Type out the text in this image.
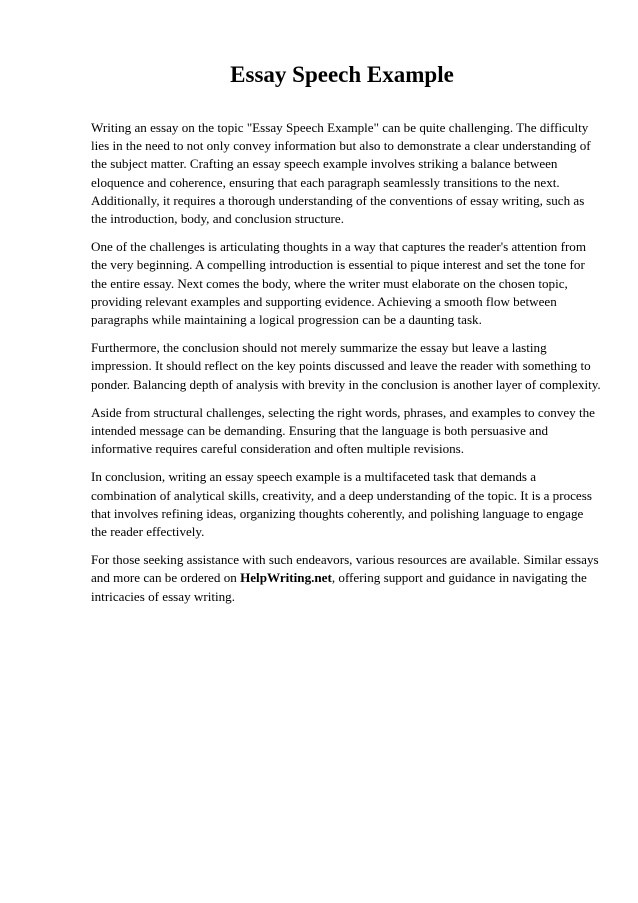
Essay Speech Example

Writing an essay on the topic "Essay Speech Example" can be quite challenging. The difficulty
lies in the need to not only convey information but also to demonstrate a clear understanding of
the subject matter. Crafting an essay speech example involves striking a balance between
eloquence and coherence, ensuring that each paragraph seamlessly transitions to the next.
Additionally, it requires a thorough understanding of the conventions of essay writing, such as
the introduction, body, and conclusion structure.

One of the challenges is articulating thoughts in a way that captures the reader's attention from
the very beginning. A compelling introduction is essential to pique interest and set the tone for
the entire essay. Next comes the body, where the writer must elaborate on the chosen topic,
providing relevant examples and supporting evidence. Achieving a smooth flow between
paragraphs while maintaining a logical progression can be a daunting task.

Furthermore, the conclusion should not merely summarize the essay but leave a lasting
impression. It should reflect on the key points discussed and leave the reader with something to
ponder. Balancing depth of analysis with brevity in the conclusion is another layer of complexity.

Aside from structural challenges, selecting the right words, phrases, and examples to convey the
intended message can be demanding. Ensuring that the language is both persuasive and
informative requires careful consideration and often multiple revisions.

In conclusion, writing an essay speech example is a multifaceted task that demands a
combination of analytical skills, creativity, and a deep understanding of the topic. It is a process
that involves refining ideas, organizing thoughts coherently, and polishing language to engage
the reader effectively.

For those seeking assistance with such endeavors, various resources are available. Similar essays
and more can be ordered on HelpWriting.net, offering support and guidance in navigating the
intricacies of essay writing.
